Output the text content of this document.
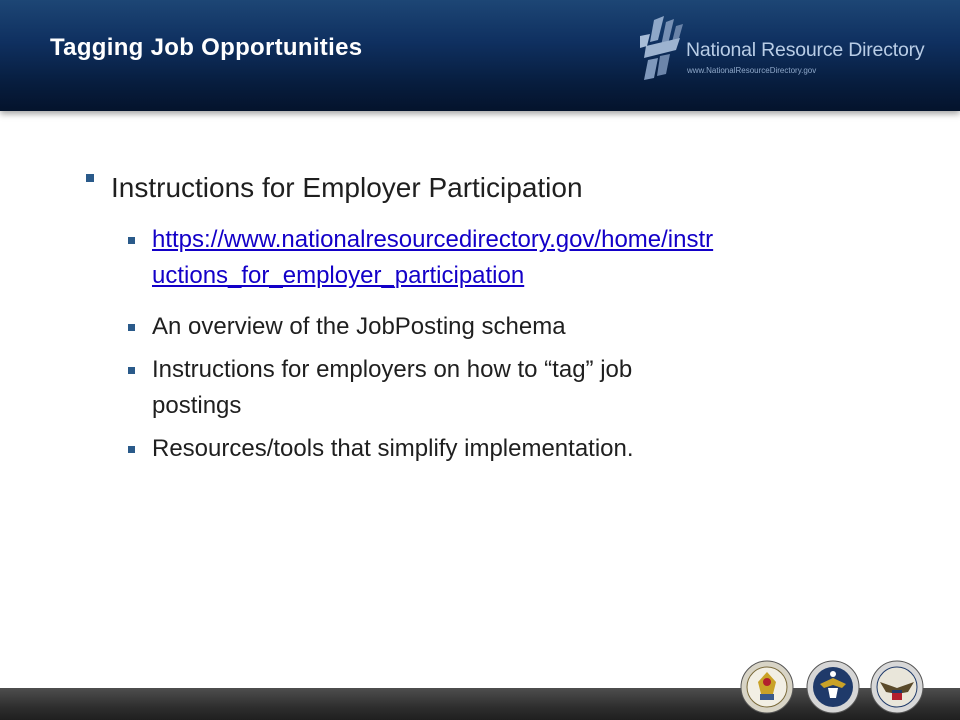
Tagging Job Opportunities	National Resource Directory
www.NationalResourceDirectory.gov
Instructions for Employer Participation
https://www.nationalresourcedirectory.gov/home/instr
uctions_for_employer_participation
An overview of the JobPosting schema
Instructions for employers on how to “tag” job
postings
Resources/tools that simplify implementation.
